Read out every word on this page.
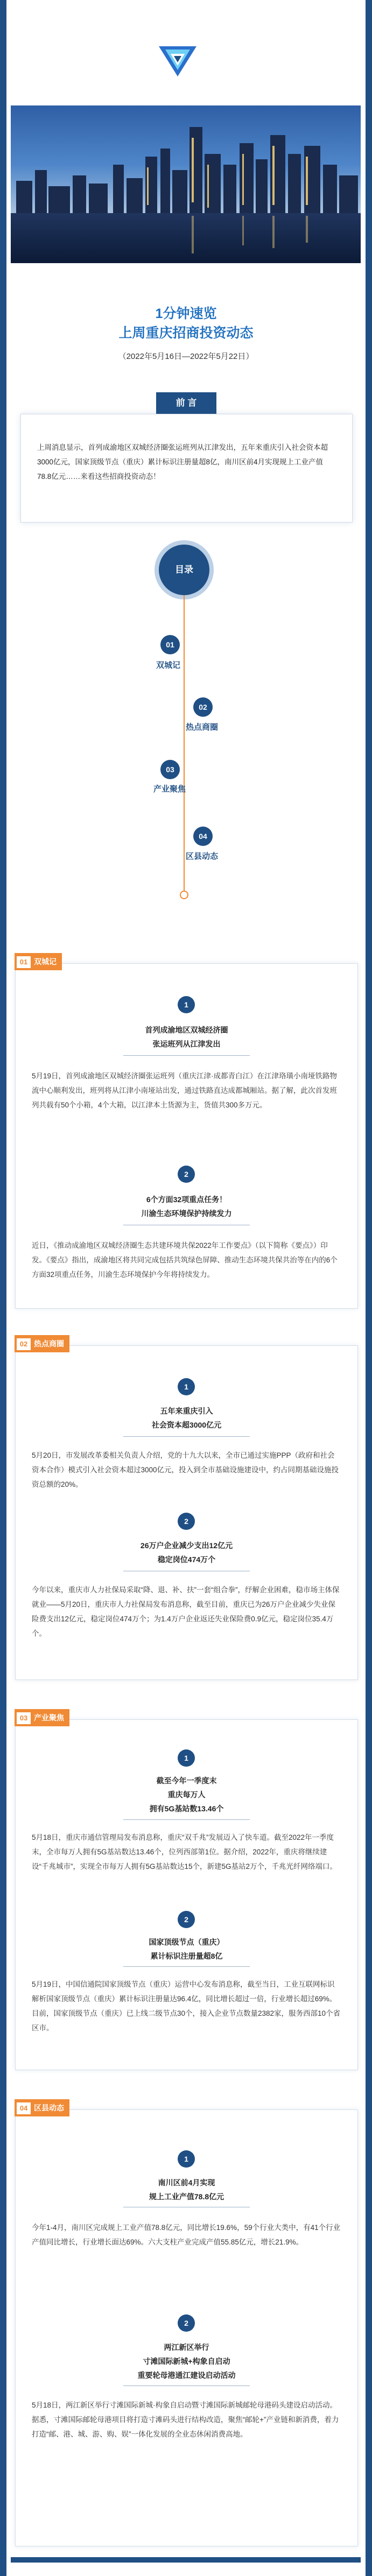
1分钟速览
上周重庆招商投资动态
（2022年5月16日—2022年5月22日）
上周消息显示，首列成渝地区双城经济圈张运班列从江津发出，五年来重庆引入社会资本超3000亿元，国家顶级节点（重庆）累计标识注册量超8亿，南川区前4月实现规上工业产值78.8亿元……来看这些招商投资动态！
前 言
目录
01
双城记
02
热点商圈
03
产业聚焦
04
区县动态
01 双城记
1
首列成渝地区双城经济圈
张运班列从江津发出
5月19日，首列成渝地区双城经济圈张运班列（重庆江津·成都青白江）在江津珞璜小南垭铁路物流中心顺利发出，班列将从江津小南垭站出发，通过铁路直达成都城厢站。据了解，此次首发班列共载有50个小箱，4个大箱，以江津本土货源为主，货值共300多万元。
2
6个方面32项重点任务！
川渝生态环境保护持续发力
近日，《推动成渝地区双城经济圈生态共建环境共保2022年工作要点》（以下简称《要点》）印发。《要点》指出，成渝地区将共同完成包括共筑绿色屏障、推动生态环境共保共治等在内的6个方面32项重点任务，川渝生态环境保护今年将持续发力。
02 热点商圈
1
五年来重庆引入
社会资本超3000亿元
5月20日，市发展改革委相关负责人介绍，党的十九大以来，全市已通过实施PPP（政府和社会资本合作）模式引入社会资本超过3000亿元，投入到全市基础设施建设中，约占同期基础设施投资总额的20%。
2
26万户企业减少支出12亿元
稳定岗位474万个
今年以来，重庆市人力社保局采取“降、退、补、扶”一套“组合拳”，纾解企业困难，稳市场主体保就业——5月20日，重庆市人力社保局发布消息称，截至目前，重庆已为26万户企业减少失业保险费支出12亿元，稳定岗位474万个；为1.4万户企业返还失业保险费0.9亿元，稳定岗位35.4万个。
03 产业聚焦
1
截至今年一季度末
重庆每万人
拥有5G基站数13.46个
5月18日，重庆市通信管理局发布消息称，重庆“双千兆”发展迈入了快车道。截至2022年一季度末，全市每万人拥有5G基站数达13.46个，位列西部第1位。据介绍，2022年，重庆将继续建设“千兆城市”，实现全市每万人拥有5G基站数达15个，新建5G基站2万个，千兆光纤网络端口。
2
国家顶级节点（重庆）
累计标识注册量超8亿
5月19日，中国信通院国家顶级节点（重庆）运营中心发布消息称，截至当日，工业互联网标识解析国家顶级节点（重庆）累计标识注册量达96.4亿，同比增长超过一倍，行业增长超过69%。目前，国家顶级节点（重庆）已上线二级节点30个，接入企业节点数量2382家，服务西部10个省区市。
04 区县动态
1
南川区前4月实现
规上工业产值78.8亿元
今年1-4月，南川区完成规上工业产值78.8亿元，同比增长19.6%，59个行业大类中，有41个行业产值同比增长，行业增长面达69%。六大支柱产业完成产值55.85亿元，增长21.9%。
2
两江新区举行
寸滩国际新城+构象自启动
重要轮母港通江建设启动活动
5月18日，两江新区举行寸滩国际新城·构象自启动暨寸滩国际新城邮轮母港码头建设启动活动。据悉，寸滩国际邮轮母港项目将打造寸滩码头进行结构改造，聚焦“邮轮+”产业链和新消费，着力打造“邮、港、城、游、购、娱”一体化发展的全业态休闲消费高地。
